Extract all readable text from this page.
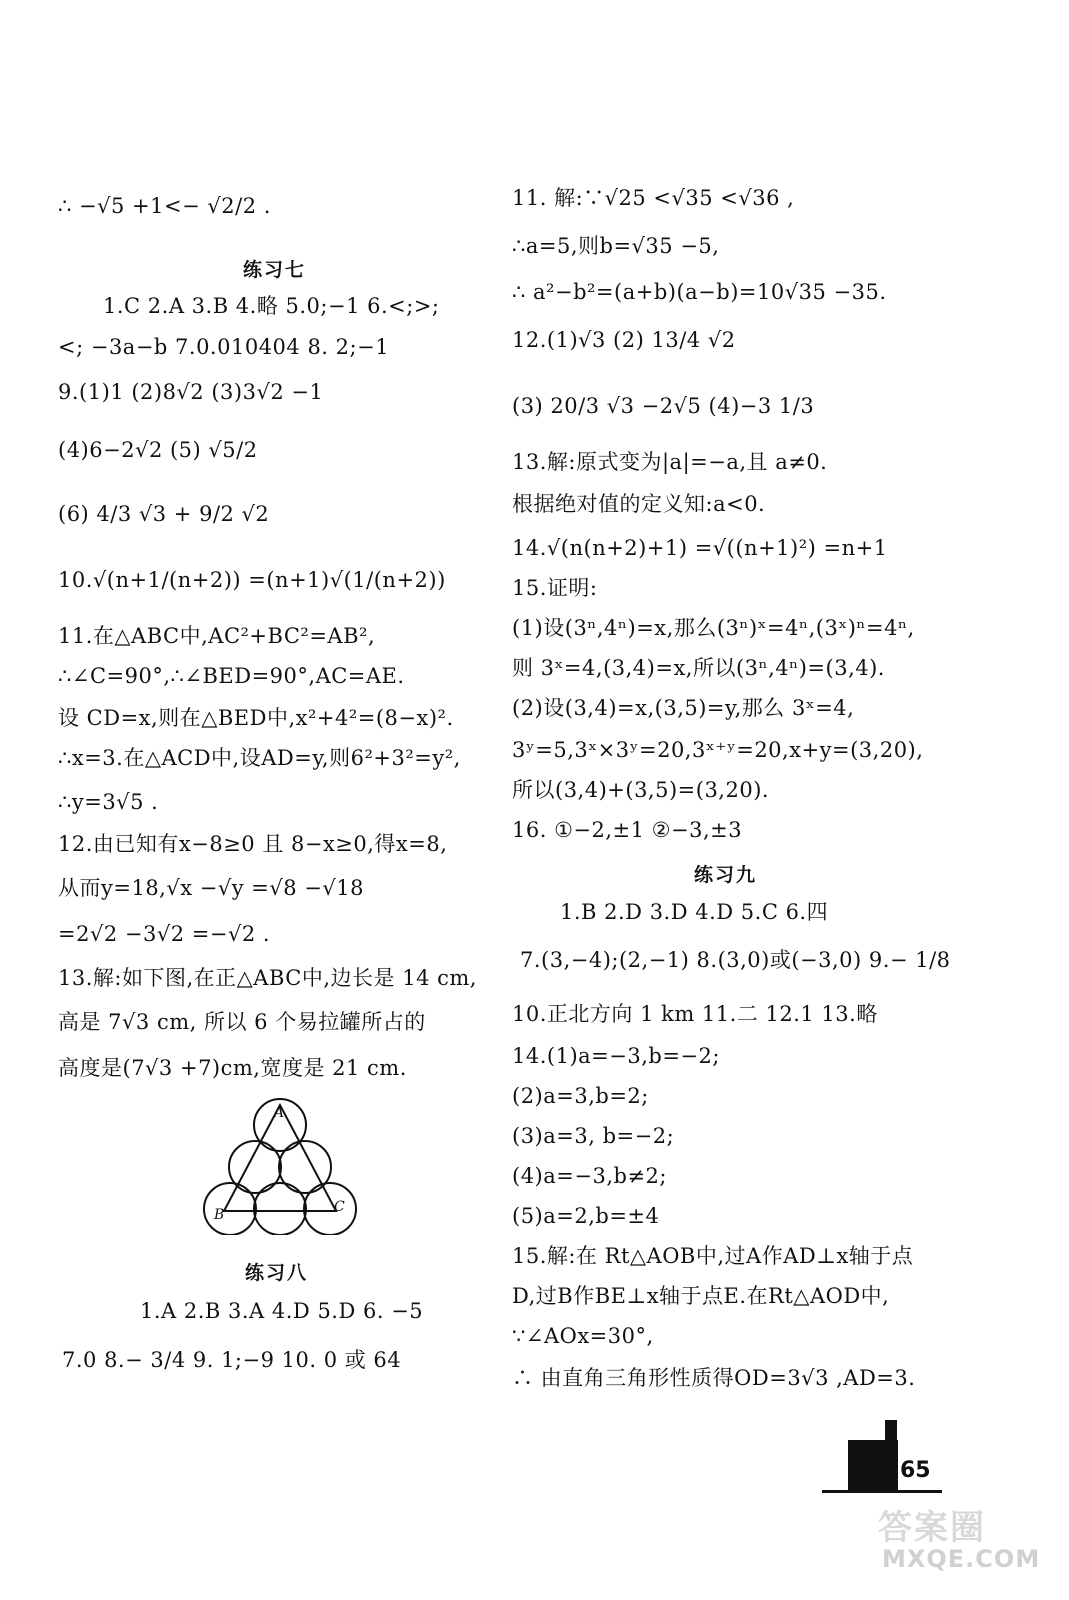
∴ −√5 +1<− √2/2 .
练习七
1.C 2.A 3.B 4.略 5.0;−1 6.<;>;
<; −3a−b 7.0.010404 8. 2;−1
9.(1)1 (2)8√2 (3)3√2 −1
(4)6−2√2 (5) √5/2
(6) 4/3 √3 + 9/2 √2
10.√(n+1/(n+2)) =(n+1)√(1/(n+2))
11.在△ABC中,AC²+BC²=AB²,
∴∠C=90°,∴∠BED=90°,AC=AE.
设 CD=x,则在△BED中,x²+4²=(8−x)².
∴x=3.在△ACD中,设AD=y,则6²+3²=y²,
∴y=3√5 .
12.由已知有x−8≥0 且 8−x≥0,得x=8,
从而y=18,√x −√y =√8 −√18
=2√2 −3√2 =−√2 .
13.解:如下图,在正△ABC中,边长是 14 cm,
高是 7√3 cm, 所以 6 个易拉罐所占的
高度是(7√3 +7)cm,宽度是 21 cm.
A
B	C
练习八
1.A 2.B 3.A 4.D 5.D 6. −5
7.0 8.− 3/4 9. 1;−9 10. 0 或 64
11. 解:∵√25 <√35 <√36 ,
∴a=5,则b=√35 −5,
∴ a²−b²=(a+b)(a−b)=10√35 −35.
12.(1)√3 (2) 13/4 √2
(3) 20/3 √3 −2√5 (4)−3 1/3
13.解:原式变为|a|=−a,且 a≠0.
根据绝对值的定义知:a<0.
14.√(n(n+2)+1) =√((n+1)²) =n+1
15.证明:
(1)设(3ⁿ,4ⁿ)=x,那么(3ⁿ)ˣ=4ⁿ,(3ˣ)ⁿ=4ⁿ,
则 3ˣ=4,(3,4)=x,所以(3ⁿ,4ⁿ)=(3,4).
(2)设(3,4)=x,(3,5)=y,那么 3ˣ=4,
3ʸ=5,3ˣ×3ʸ=20,3ˣ⁺ʸ=20,x+y=(3,20),
所以(3,4)+(3,5)=(3,20).
16. ①−2,±1 ②−3,±3
练习九
1.B 2.D 3.D 4.D 5.C 6.四
7.(3,−4);(2,−1) 8.(3,0)或(−3,0) 9.− 1/8
10.正北方向 1 km 11.二 12.1 13.略
14.(1)a=−3,b=−2;
(2)a=3,b=2;
(3)a=3, b=−2;
(4)a=−3,b≠2;
(5)a=2,b=±4
15.解:在 Rt△AOB中,过A作AD⊥x轴于点
D,过B作BE⊥x轴于点E.在Rt△AOD中,
∵∠AOx=30°,
∴ 由直角三角形性质得OD=3√3 ,AD=3.
65
答案圈
MXQE.COM
